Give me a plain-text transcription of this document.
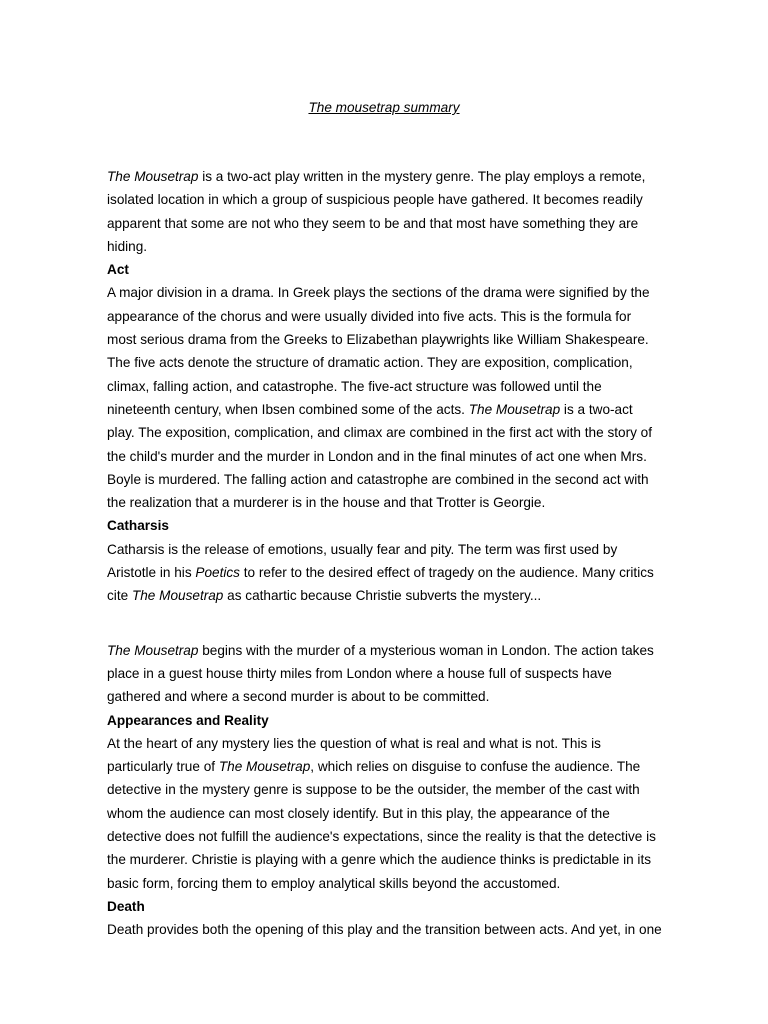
The mousetrap summary

The Mousetrap is a two-act play written in the mystery genre. The play employs a remote, isolated location in which a group of suspicious people have gathered. It becomes readily apparent that some are not who they seem to be and that most have something they are hiding.

Act

A major division in a drama. In Greek plays the sections of the drama were signified by the appearance of the chorus and were usually divided into five acts. This is the formula for most serious drama from the Greeks to Elizabethan playwrights like William Shakespeare. The five acts denote the structure of dramatic action. They are exposition, complication, climax, falling action, and catastrophe. The five-act structure was followed until the nineteenth century, when Ibsen combined some of the acts. The Mousetrap is a two-act play. The exposition, complication, and climax are combined in the first act with the story of the child's murder and the murder in London and in the final minutes of act one when Mrs. Boyle is murdered. The falling action and catastrophe are combined in the second act with the realization that a murderer is in the house and that Trotter is Georgie.

Catharsis

Catharsis is the release of emotions, usually fear and pity. The term was first used by Aristotle in his Poetics to refer to the desired effect of tragedy on the audience. Many critics cite The Mousetrap as cathartic because Christie subverts the mystery...

The Mousetrap begins with the murder of a mysterious woman in London. The action takes place in a guest house thirty miles from London where a house full of suspects have gathered and where a second murder is about to be committed.

Appearances and Reality

At the heart of any mystery lies the question of what is real and what is not. This is particularly true of The Mousetrap, which relies on disguise to confuse the audience. The detective in the mystery genre is suppose to be the outsider, the member of the cast with whom the audience can most closely identify. But in this play, the appearance of the detective does not fulfill the audience's expectations, since the reality is that the detective is the murderer. Christie is playing with a genre which the audience thinks is predictable in its basic form, forcing them to employ analytical skills beyond the accustomed.

Death

Death provides both the opening of this play and the transition between acts. And yet, in one
